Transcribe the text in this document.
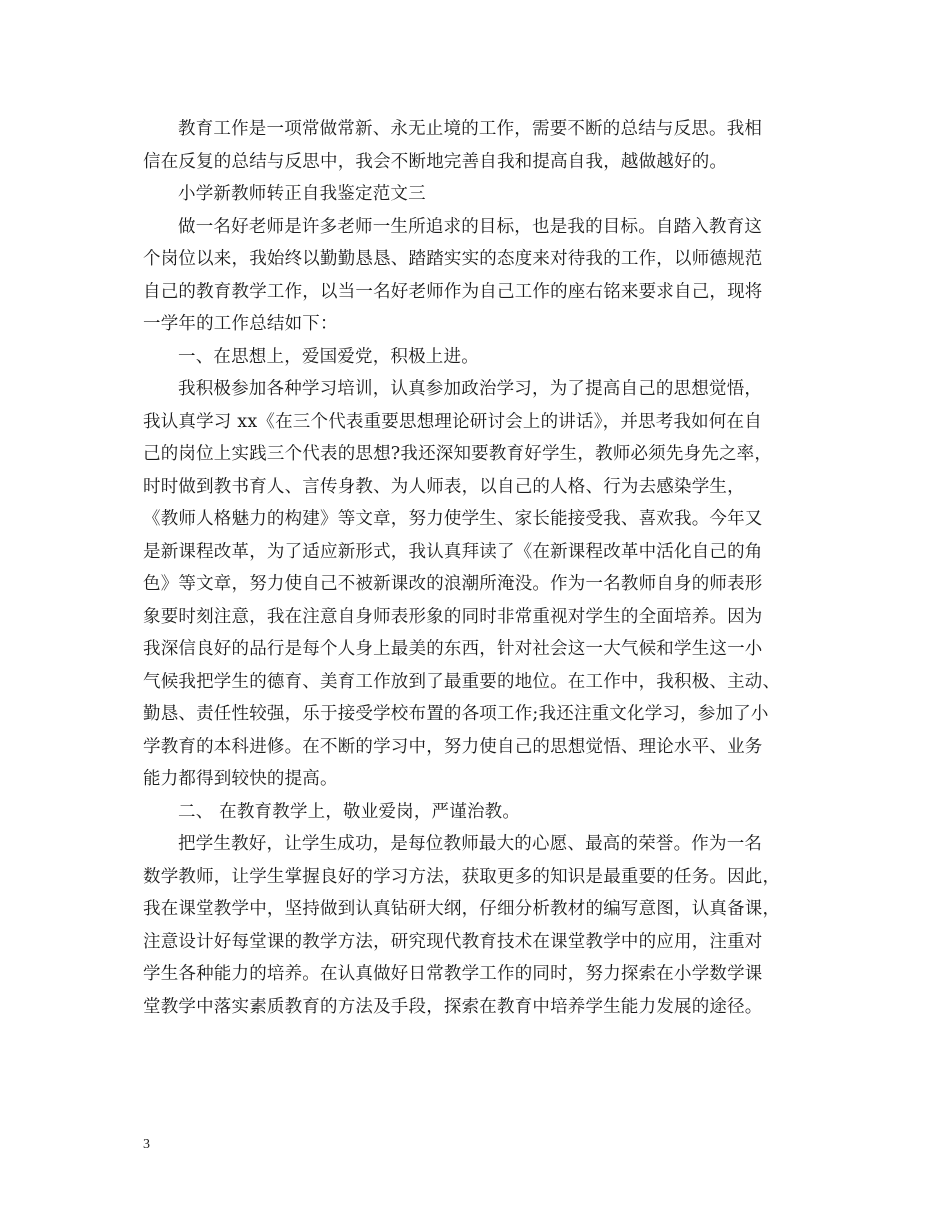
教育工作是一项常做常新、永无止境的工作，需要不断的总结与反思。我相
信在反复的总结与反思中，我会不断地完善自我和提高自我，越做越好的。
小学新教师转正自我鉴定范文三
做一名好老师是许多老师一生所追求的目标，也是我的目标。自踏入教育这
个岗位以来，我始终以勤勤恳恳、踏踏实实的态度来对待我的工作，以师德规范
自己的教育教学工作，以当一名好老师作为自己工作的座右铭来要求自己，现将
一学年的工作总结如下：
一、在思想上，爱国爱党，积极上进。
我积极参加各种学习培训，认真参加政治学习，为了提高自己的思想觉悟，
我认真学习 xx《在三个代表重要思想理论研讨会上的讲话》，并思考我如何在自
己的岗位上实践三个代表的思想?我还深知要教育好学生，教师必须先身先之率，
时时做到教书育人、言传身教、为人师表，以自己的人格、行为去感染学生，
《教师人格魅力的构建》等文章，努力使学生、家长能接受我、喜欢我。今年又
是新课程改革，为了适应新形式，我认真拜读了《在新课程改革中活化自己的角
色》等文章，努力使自己不被新课改的浪潮所淹没。作为一名教师自身的师表形
象要时刻注意，我在注意自身师表形象的同时非常重视对学生的全面培养。因为
我深信良好的品行是每个人身上最美的东西，针对社会这一大气候和学生这一小
气候我把学生的德育、美育工作放到了最重要的地位。在工作中，我积极、主动、
勤恳、责任性较强，乐于接受学校布置的各项工作;我还注重文化学习，参加了小
学教育的本科进修。在不断的学习中，努力使自己的思想觉悟、理论水平、业务
能力都得到较快的提高。
二、 在教育教学上，敬业爱岗，严谨治教。
把学生教好，让学生成功，是每位教师最大的心愿、最高的荣誉。作为一名
数学教师，让学生掌握良好的学习方法，获取更多的知识是最重要的任务。因此，
我在课堂教学中，坚持做到认真钻研大纲，仔细分析教材的编写意图，认真备课，
注意设计好每堂课的教学方法，研究现代教育技术在课堂教学中的应用，注重对
学生各种能力的培养。在认真做好日常教学工作的同时，努力探索在小学数学课
堂教学中落实素质教育的方法及手段，探索在教育中培养学生能力发展的途径。
3
